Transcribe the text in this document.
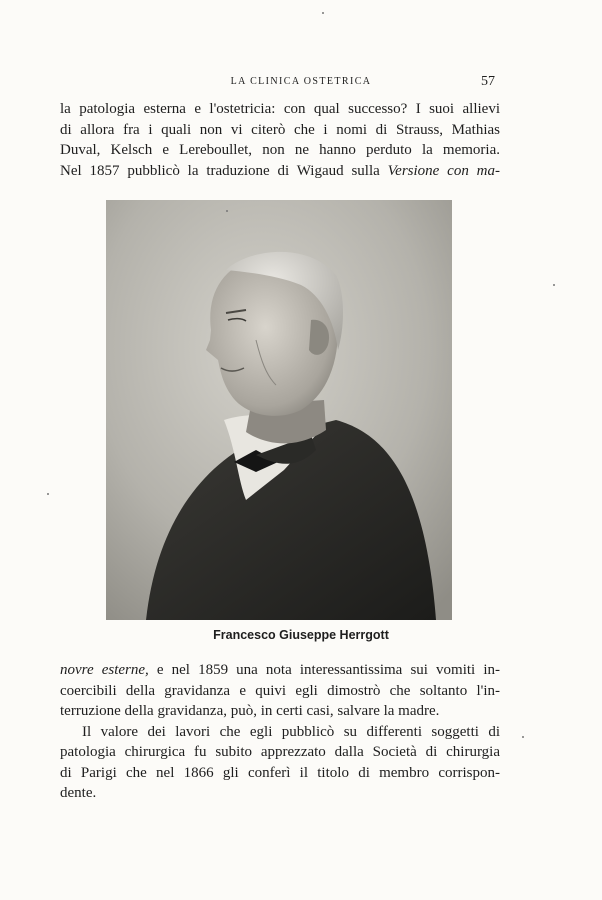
LA CLINICA OSTETRICA	57
la patologia esterna e l'ostetricia: con qual successo? I suoi allievi
di allora fra i quali non vi citerò che i nomi di Strauss, Mathias
Duval, Kelsch e Lereboullet, non ne hanno perduto la memoria.
Nel 1857 pubblicò la traduzione di Wigaud sulla Versione con ma-
Francesco Giuseppe Herrgott
novre esterne, e nel 1859 una nota interessantissima sui vomiti in-
coercibili della gravidanza e quivi egli dimostrò che soltanto l'in-
terruzione della gravidanza, può, in certi casi, salvare la madre.
Il valore dei lavori che egli pubblicò su differenti soggetti di
patologia chirurgica fu subito apprezzato dalla Società di chirurgia
di Parigi che nel 1866 gli conferì il titolo di membro corrispon-
dente.
